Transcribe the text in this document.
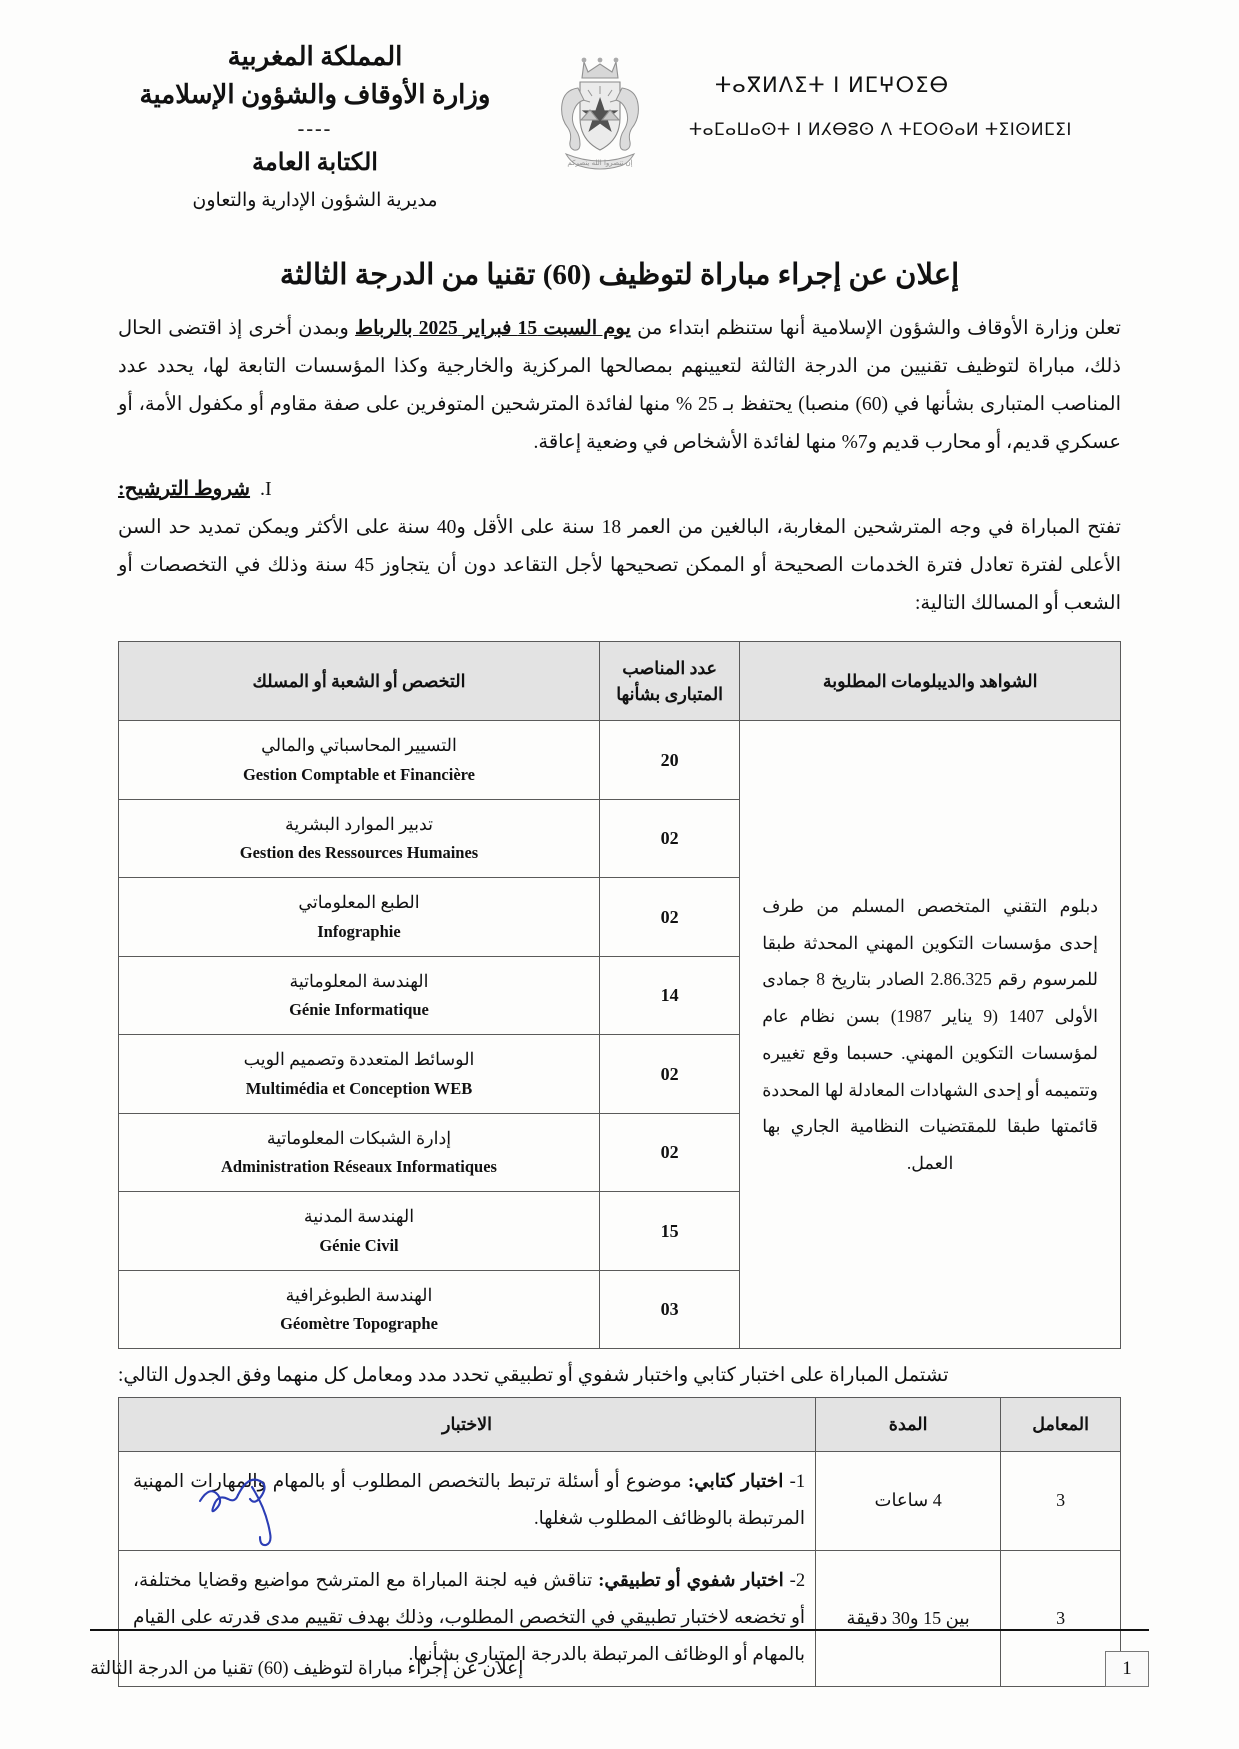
المملكة المغربية
وزارة الأوقاف والشؤون الإسلامية
----
الكتابة العامة
مديرية الشؤون الإدارية والتعاون
إن تنصروا الله ينصركم
ⵜⴰⴳⵍⴷⵉⵜ ⵏ ⵍⵎⵖⵔⵉⴱ
ⵜⴰⵎⴰⵡⴰⵙⵜ ⵏ ⵍⵃⴱⵓⵙ ⴷ ⵜⵎⵔⵙⴰⵍ ⵜⵉⵏⵙⵍⵎⵉⵏ
إعلان عن إجراء مباراة لتوظيف (60) تقنيا من الدرجة الثالثة

تعلن وزارة الأوقاف والشؤون الإسلامية أنها ستنظم ابتداء من يوم السبت 15 فبراير 2025 بالرباط وبمدن أخرى إذ اقتضى الحال ذلك، مباراة لتوظيف تقنيين من الدرجة الثالثة لتعيينهم بمصالحها المركزية والخارجية وكذا المؤسسات التابعة لها، يحدد عدد المناصب المتبارى بشأنها في (60) منصبا) يحتفظ بـ 25 % منها لفائدة المترشحين المتوفرين على صفة مقاوم أو مكفول الأمة، أو عسكري قديم، أو محارب قديم و7% منها لفائدة الأشخاص في وضعية إعاقة.

I.
شروط الترشيح:

تفتح المباراة في وجه المترشحين المغاربة، البالغين من العمر 18 سنة على الأقل و40 سنة على الأكثر ويمكن تمديد حد السن الأعلى لفترة تعادل فترة الخدمات الصحيحة أو الممكن تصحيحها لأجل التقاعد دون أن يتجاوز 45 سنة وذلك في التخصصات أو الشعب أو المسالك التالية:

الشواهد والديبلومات المطلوبة	عدد المناصب المتبارى بشأنها	التخصص أو الشعبة أو المسلك
دبلوم التقني المتخصص المسلم من طرف إحدى مؤسسات التكوين المهني المحدثة طبقا للمرسوم رقم 2.86.325 الصادر بتاريخ 8 جمادى الأولى 1407 (9 يناير 1987) بسن نظام عام لمؤسسات التكوين المهني. حسبما وقع تغييره وتتميمه أو إحدى الشهادات المعادلة لها المحددة قائمتها طبقا للمقتضيات النظامية الجاري بها العمل.	20	التسيير المحاسباتي والمالي
Gestion Comptable et Financière

	02	تدبير الموارد البشرية
Gestion des Ressources Humaines

	02	الطبع المعلوماتي
Infographie

	14	الهندسة المعلوماتية
Génie Informatique

	02	الوسائط المتعددة وتصميم الويب
Multimédia et Conception WEB

	02	إدارة الشبكات المعلوماتية
Administration Réseaux Informatiques

	15	الهندسة المدنية
Génie Civil

	03	الهندسة الطبوغرافية
Géomètre Topographe
تشتمل المباراة على اختبار كتابي واختبار شفوي أو تطبيقي تحدد مدد ومعامل كل منهما وفق الجدول التالي:
المعامل	المدة	الاختبار
3	4 ساعات	1- اختبار كتابي: موضوع أو أسئلة ترتبط بالتخصص المطلوب أو بالمهام والمهارات المهنية المرتبطة بالوظائف المطلوب شغلها.
3	بين 15 و30 دقيقة	2- اختبار شفوي أو تطبيقي: تناقش فيه لجنة المباراة مع المترشح مواضيع وقضايا مختلفة، أو تخضعه لاختبار تطبيقي في التخصص المطلوب، وذلك بهدف تقييم مدى قدرته على القيام بالمهام أو الوظائف المرتبطة بالدرجة المتبارى بشأنها.
إعلان عن إجراء مباراة لتوظيف (60) تقنيا من الدرجة الثالثة	1
